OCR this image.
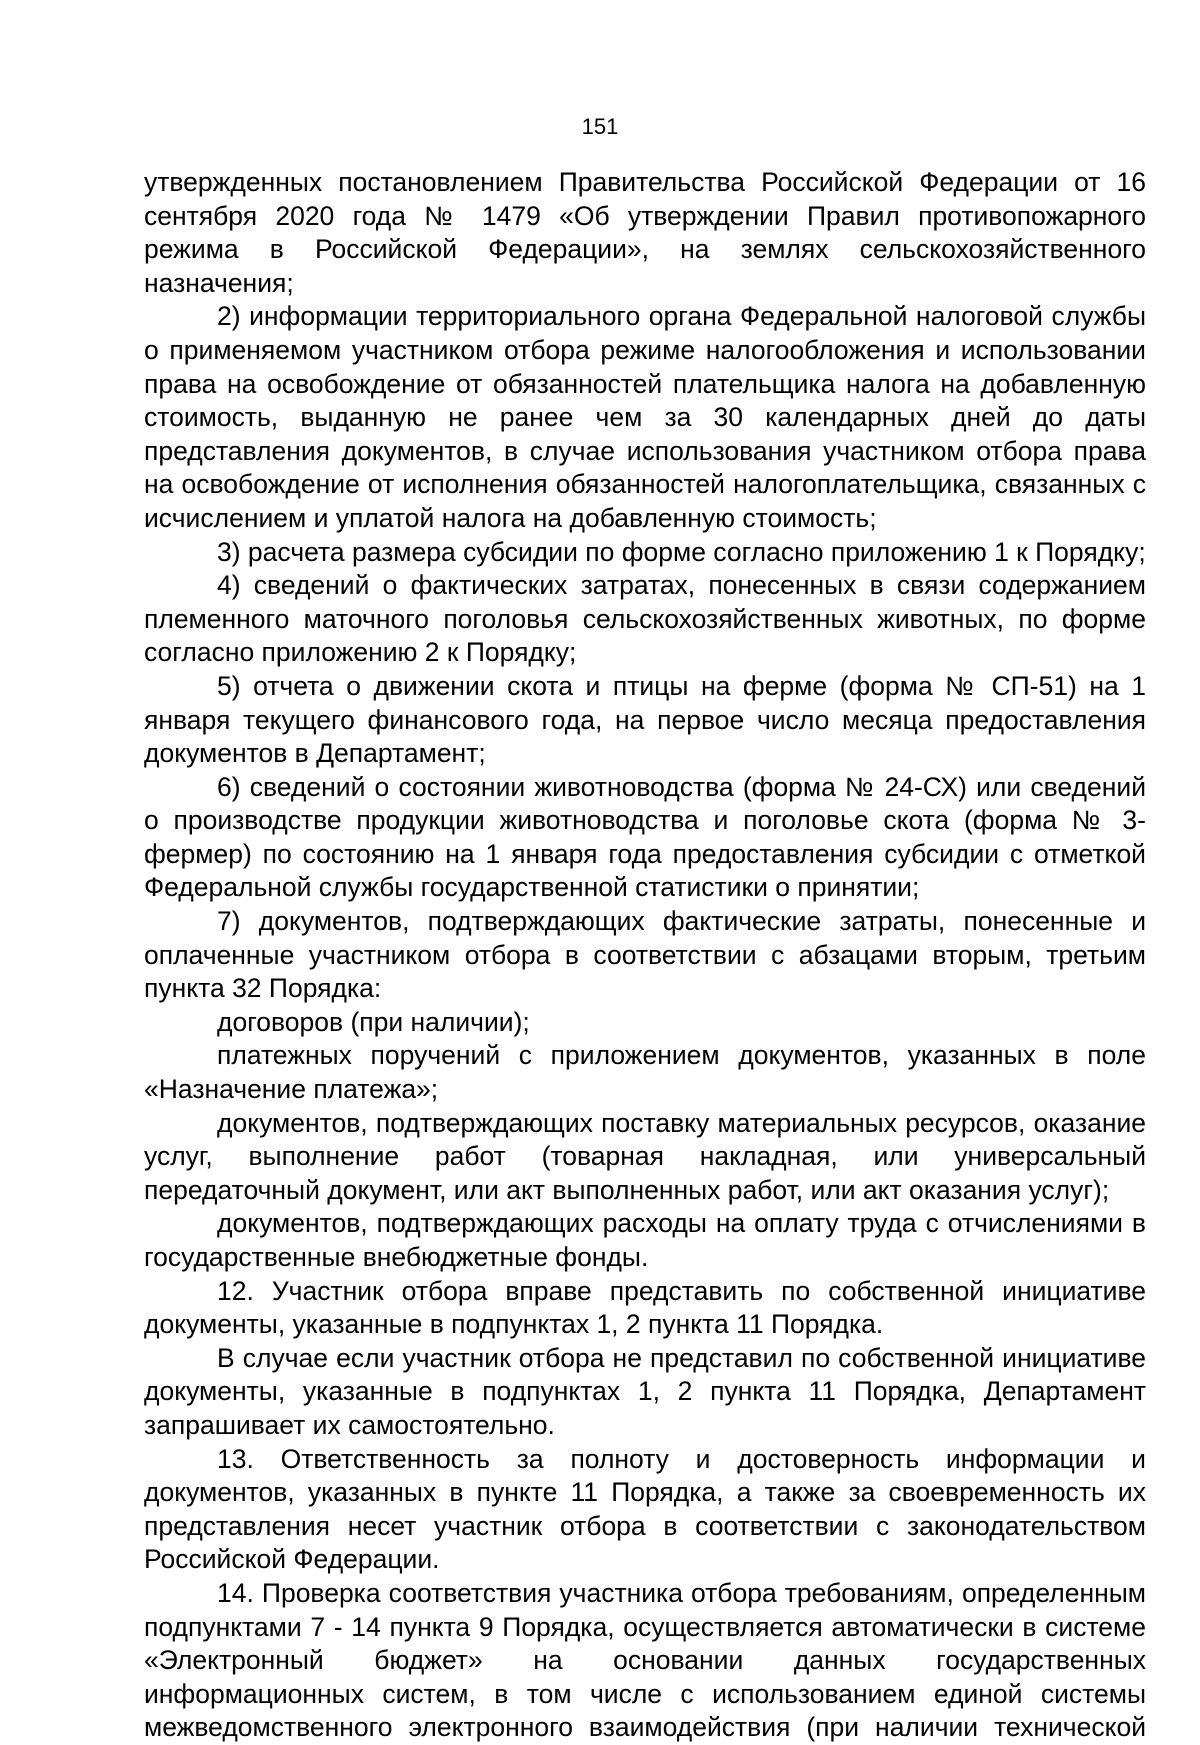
151

утвержденных постановлением Правительства Российской Федерации от 16 сентября 2020 года № 1479 «Об утверждении Правил противопожарного режима в Российской Федерации», на землях сельскохозяйственного назначения;

2) информации территориального органа Федеральной налоговой службы о применяемом участником отбора режиме налогообложения и использовании права на освобождение от обязанностей плательщика налога на добавленную стоимость, выданную не ранее чем за 30 календарных дней до даты представления документов, в случае использования участником отбора права на освобождение от исполнения обязанностей налогоплательщика, связанных с исчислением и уплатой налога на добавленную стоимость;

3) расчета размера субсидии по форме согласно приложению 1 к Порядку;

4) сведений о фактических затратах, понесенных в связи содержанием племенного маточного поголовья сельскохозяйственных животных, по форме согласно приложению 2 к Порядку;

5) отчета о движении скота и птицы на ферме (форма № СП-51) на 1 января текущего финансового года, на первое число месяца предоставления документов в Департамент;

6) сведений о состоянии животноводства (форма № 24-СХ) или сведений о производстве продукции животноводства и поголовье скота (форма № 3-фермер) по состоянию на 1 января года предоставления субсидии с отметкой Федеральной службы государственной статистики о принятии;

7) документов, подтверждающих фактические затраты, понесенные и оплаченные участником отбора в соответствии с абзацами вторым, третьим пункта 32 Порядка:

договоров (при наличии);

платежных поручений с приложением документов, указанных в поле «Назначение платежа»;

документов, подтверждающих поставку материальных ресурсов, оказание услуг, выполнение работ (товарная накладная, или универсальный передаточный документ, или акт выполненных работ, или акт оказания услуг);

документов, подтверждающих расходы на оплату труда с отчислениями в государственные внебюджетные фонды.

12. Участник отбора вправе представить по собственной инициативе документы, указанные в подпунктах 1, 2 пункта 11 Порядка.

В случае если участник отбора не представил по собственной инициативе документы, указанные в подпунктах 1, 2 пункта 11 Порядка, Департамент запрашивает их самостоятельно.

13. Ответственность за полноту и достоверность информации и документов, указанных в пункте 11 Порядка, а также за своевременность их представления несет участник отбора в соответствии с законодательством Российской Федерации.

14. Проверка соответствия участника отбора требованиям, определенным подпунктами 7 - 14 пункта 9 Порядка, осуществляется автоматически в системе «Электронный бюджет» на основании данных государственных информационных систем, в том числе с использованием единой системы межведомственного электронного взаимодействия (при наличии технической
